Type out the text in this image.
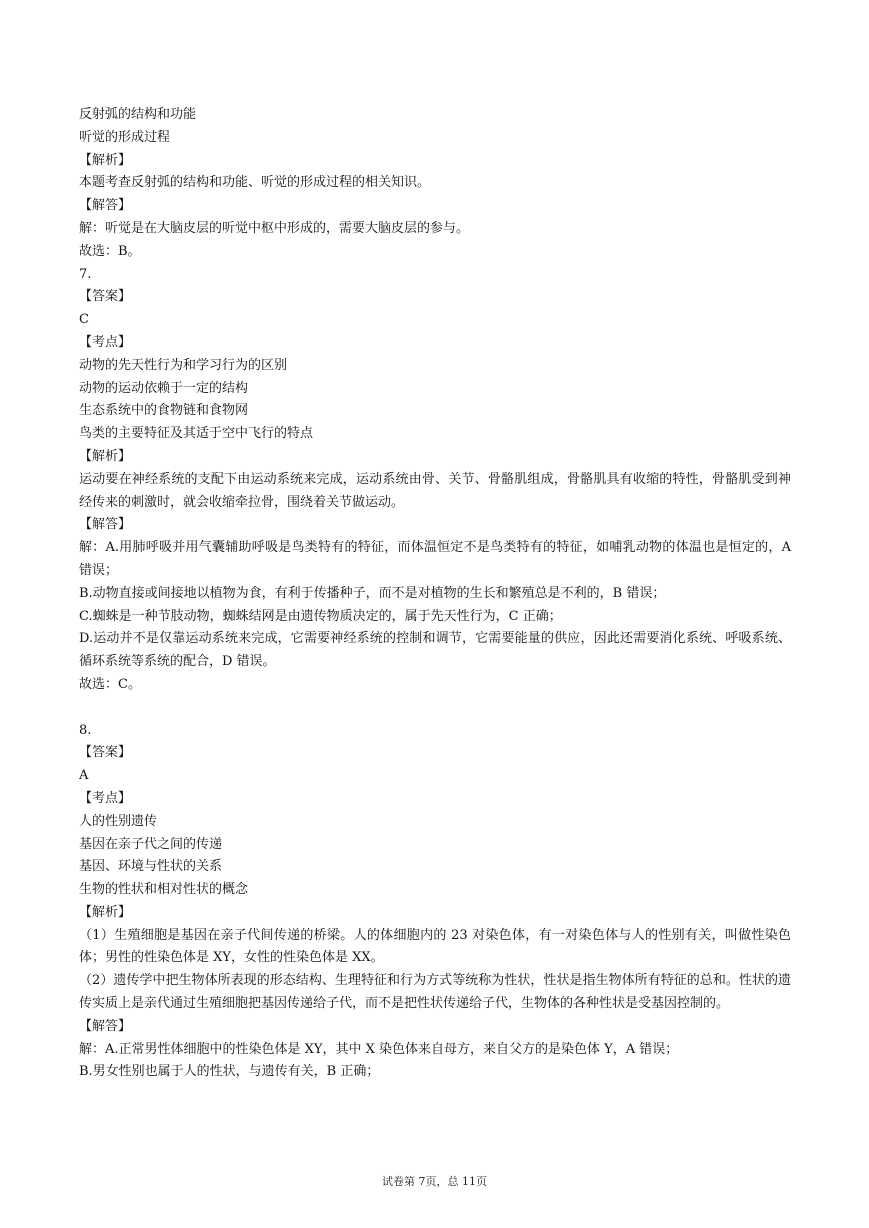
反射弧的结构和功能
听觉的形成过程
【解析】
本题考查反射弧的结构和功能、听觉的形成过程的相关知识。
【解答】
解：听觉是在大脑皮层的听觉中枢中形成的，需要大脑皮层的参与。
故选：B。
7.
【答案】
C
【考点】
动物的先天性行为和学习行为的区别
动物的运动依赖于一定的结构
生态系统中的食物链和食物网
鸟类的主要特征及其适于空中飞行的特点
【解析】
运动要在神经系统的支配下由运动系统来完成，运动系统由骨、关节、骨骼肌组成，骨骼肌具有收缩的特性，骨骼肌受到神经传来的刺激时，就会收缩牵拉骨，围绕着关节做运动。
【解答】
解：A.用肺呼吸并用气囊辅助呼吸是鸟类特有的特征，而体温恒定不是鸟类特有的特征，如哺乳动物的体温也是恒定的，A 错误；
B.动物直接或间接地以植物为食，有利于传播种子，而不是对植物的生长和繁殖总是不利的，B 错误；
C.蜘蛛是一种节肢动物，蜘蛛结网是由遗传物质决定的，属于先天性行为，C 正确；
D.运动并不是仅靠运动系统来完成，它需要神经系统的控制和调节，它需要能量的供应，因此还需要消化系统、呼吸系统、循环系统等系统的配合，D 错误。
故选：C。
8.
【答案】
A
【考点】
人的性别遗传
基因在亲子代之间的传递
基因、环境与性状的关系
生物的性状和相对性状的概念
【解析】
（1）生殖细胞是基因在亲子代间传递的桥梁。人的体细胞内的 23 对染色体，有一对染色体与人的性别有关，叫做性染色体；男性的性染色体是 XY，女性的性染色体是 XX。
（2）遗传学中把生物体所表现的形态结构、生理特征和行为方式等统称为性状，性状是指生物体所有特征的总和。性状的遗传实质上是亲代通过生殖细胞把基因传递给子代，而不是把性状传递给子代，生物体的各种性状是受基因控制的。
【解答】
解：A.正常男性体细胞中的性染色体是 XY，其中 X 染色体来自母方，来自父方的是染色体 Y，A 错误；
B.男女性别也属于人的性状，与遗传有关，B 正确；
试卷第 7页，总 11页
